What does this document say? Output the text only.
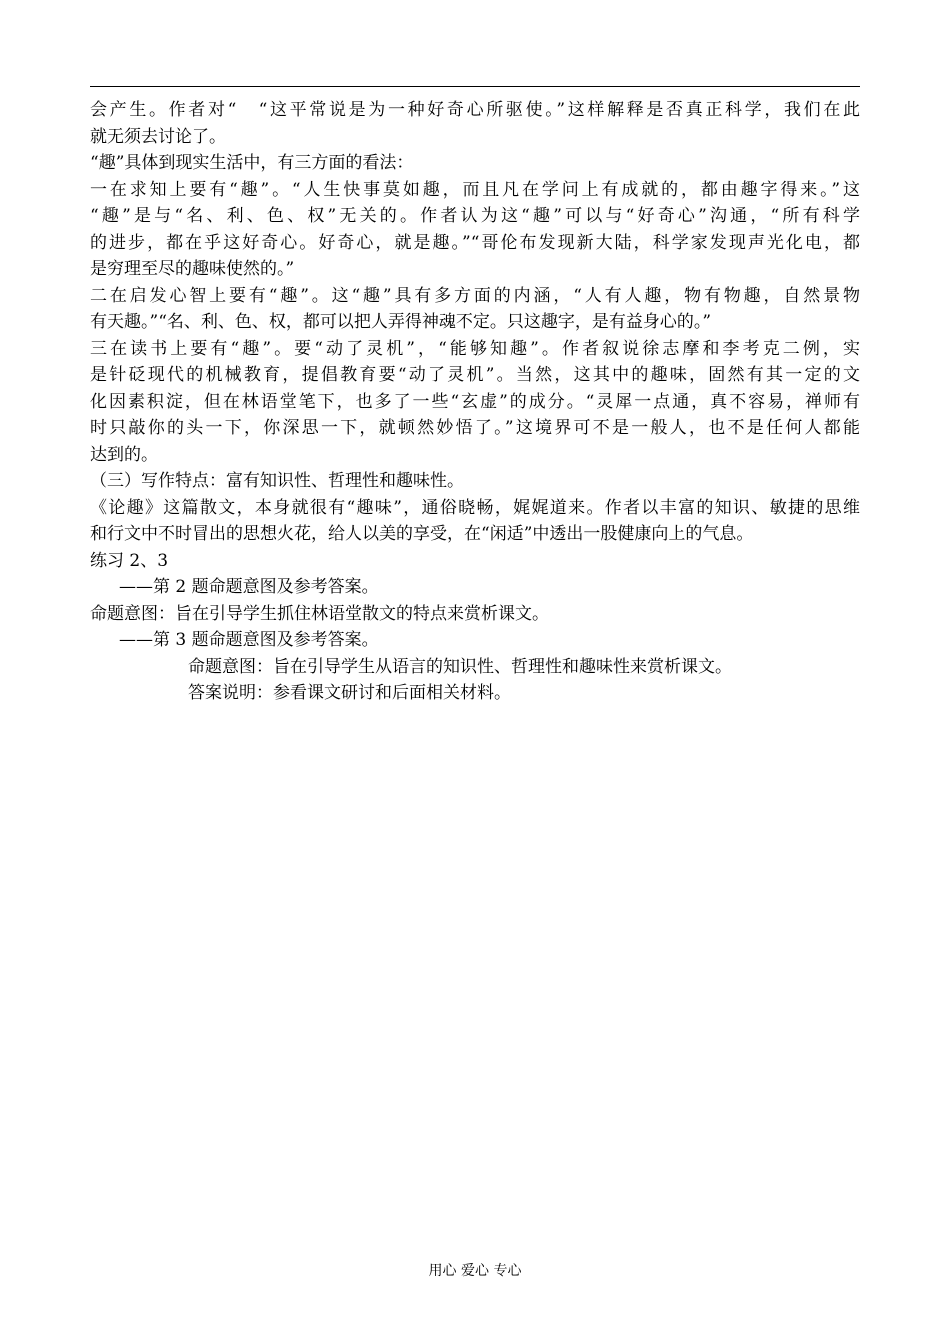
会产生。作者对“　“这平常说是为一种好奇心所驱使。”这样解释是否真正科学，我们在此
就无须去讨论了。
“趣”具体到现实生活中，有三方面的看法：
一在求知上要有“趣”。“人生快事莫如趣，而且凡在学问上有成就的，都由趣字得来。”这
“趣”是与“名、利、色、权”无关的。作者认为这“趣”可以与“好奇心”沟通，“所有科学
的进步，都在乎这好奇心。好奇心，就是趣。”“哥伦布发现新大陆，科学家发现声光化电，都
是穷理至尽的趣味使然的。”
二在启发心智上要有“趣”。这“趣”具有多方面的内涵，“人有人趣，物有物趣，自然景物
有天趣。”“名、利、色、权，都可以把人弄得神魂不定。只这趣字，是有益身心的。”
三在读书上要有“趣”。要“动了灵机”，“能够知趣”。作者叙说徐志摩和李考克二例，实
是针砭现代的机械教育，提倡教育要“动了灵机”。当然，这其中的趣味，固然有其一定的文
化因素积淀，但在林语堂笔下，也多了一些“玄虚”的成分。“灵犀一点通，真不容易，禅师有
时只敲你的头一下，你深思一下，就顿然妙悟了。”这境界可不是一般人，也不是任何人都能
达到的。
（三）写作特点：富有知识性、哲理性和趣味性。
《论趣》这篇散文，本身就很有“趣味”，通俗晓畅，娓娓道来。作者以丰富的知识、敏捷的思维
和行文中不时冒出的思想火花，给人以美的享受，在“闲适”中透出一股健康向上的气息。
练习 2、3
——第 2 题命题意图及参考答案。
命题意图：旨在引导学生抓住林语堂散文的特点来赏析课文。
——第 3 题命题意图及参考答案。
命题意图：旨在引导学生从语言的知识性、哲理性和趣味性来赏析课文。
答案说明：参看课文研讨和后面相关材料。
用心 爱心 专心
